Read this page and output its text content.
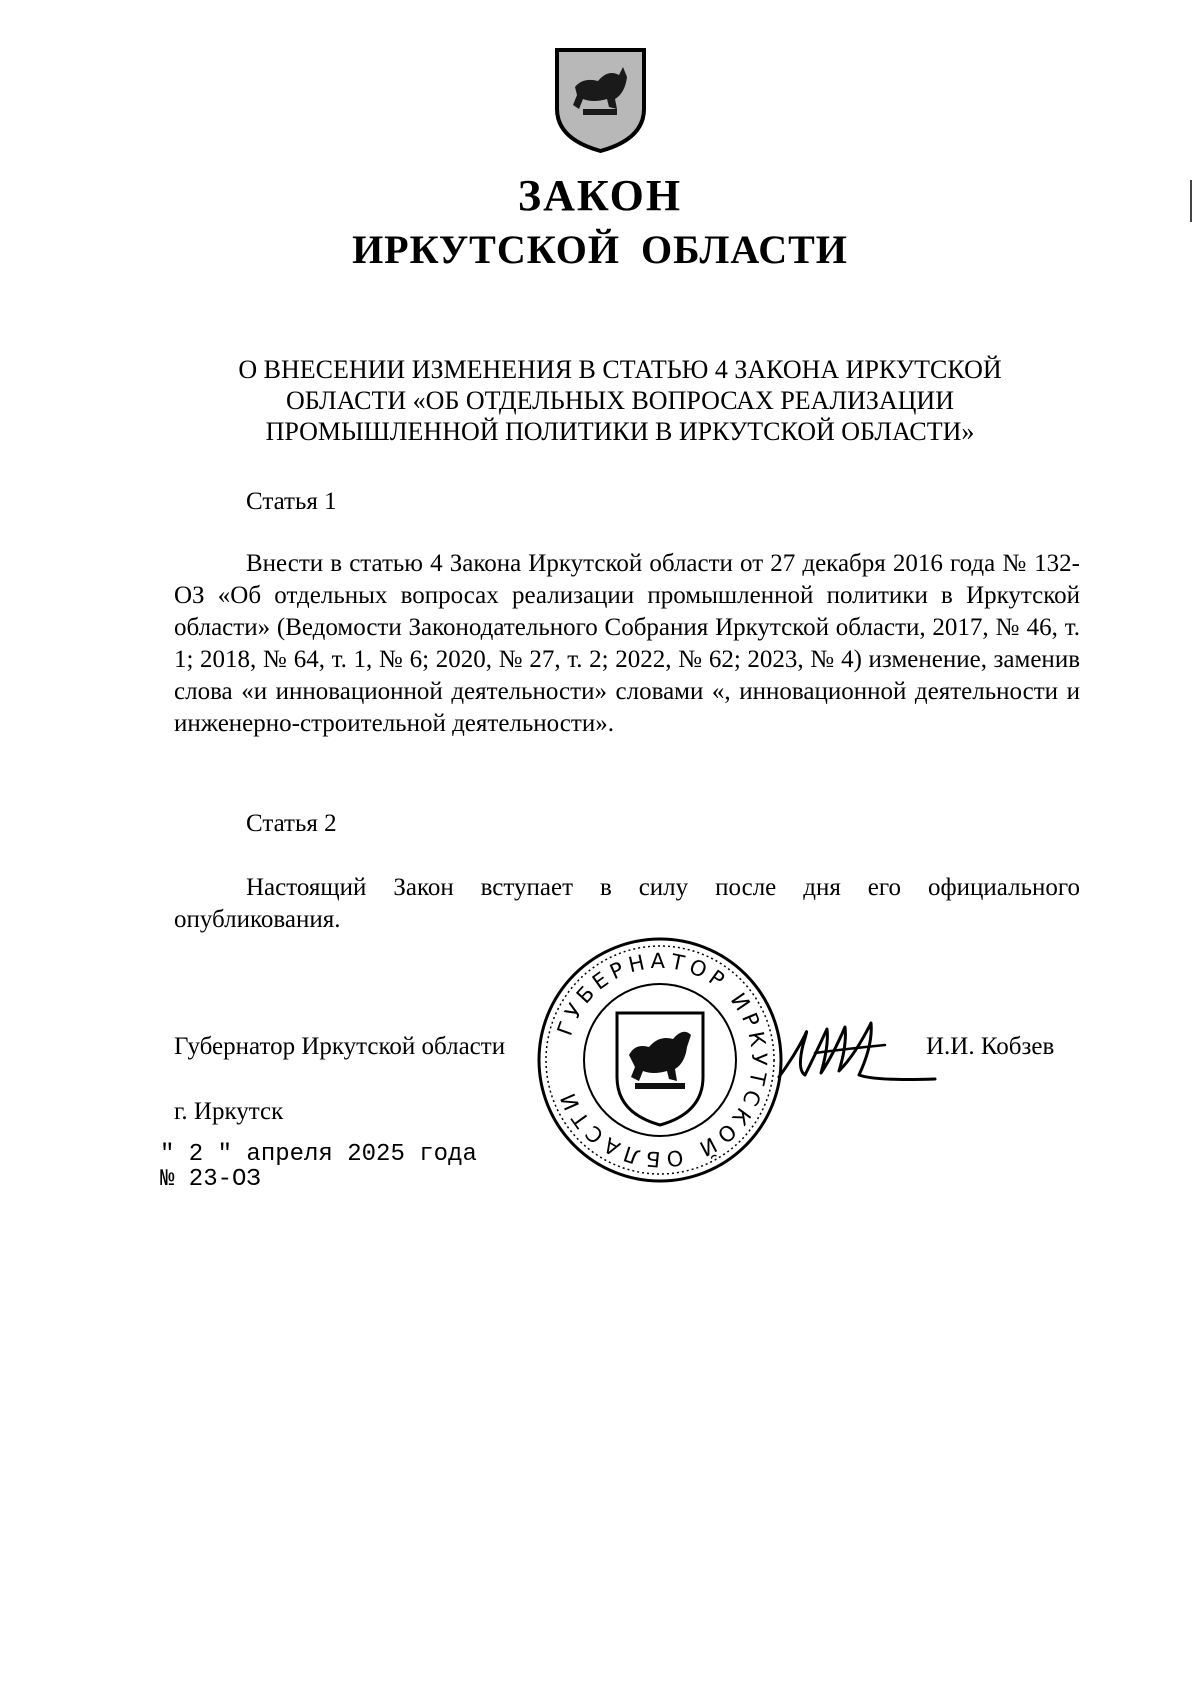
ЗАКОН
ИРКУТСКОЙ ОБЛАСТИ
О ВНЕСЕНИИ ИЗМЕНЕНИЯ В СТАТЬЮ 4 ЗАКОНА ИРКУТСКОЙ ОБЛАСТИ «ОБ ОТДЕЛЬНЫХ ВОПРОСАХ РЕАЛИЗАЦИИ ПРОМЫШЛЕННОЙ ПОЛИТИКИ В ИРКУТСКОЙ ОБЛАСТИ»
Статья 1
Внести в статью 4 Закона Иркутской области от 27 декабря 2016 года № 132-ОЗ «Об отдельных вопросах реализации промышленной политики в Иркутской области» (Ведомости Законодательного Собрания Иркутской области, 2017, № 46, т. 1; 2018, № 64, т. 1, № 6; 2020, № 27, т. 2; 2022, № 62; 2023, № 4) изменение, заменив слова «и инновационной деятельности» словами «, инновационной деятельности и инженерно-строительной деятельности».
Статья 2
Настоящий Закон вступает в силу после дня его официального опубликования.
Губернатор Иркутской области
ГУБЕРНАТОР ИРКУТСКОЙ ОБЛАСТИ
И.И. Кобзев
г. Иркутск
" 2 " апреля 2025 года
№ 23-ОЗ
